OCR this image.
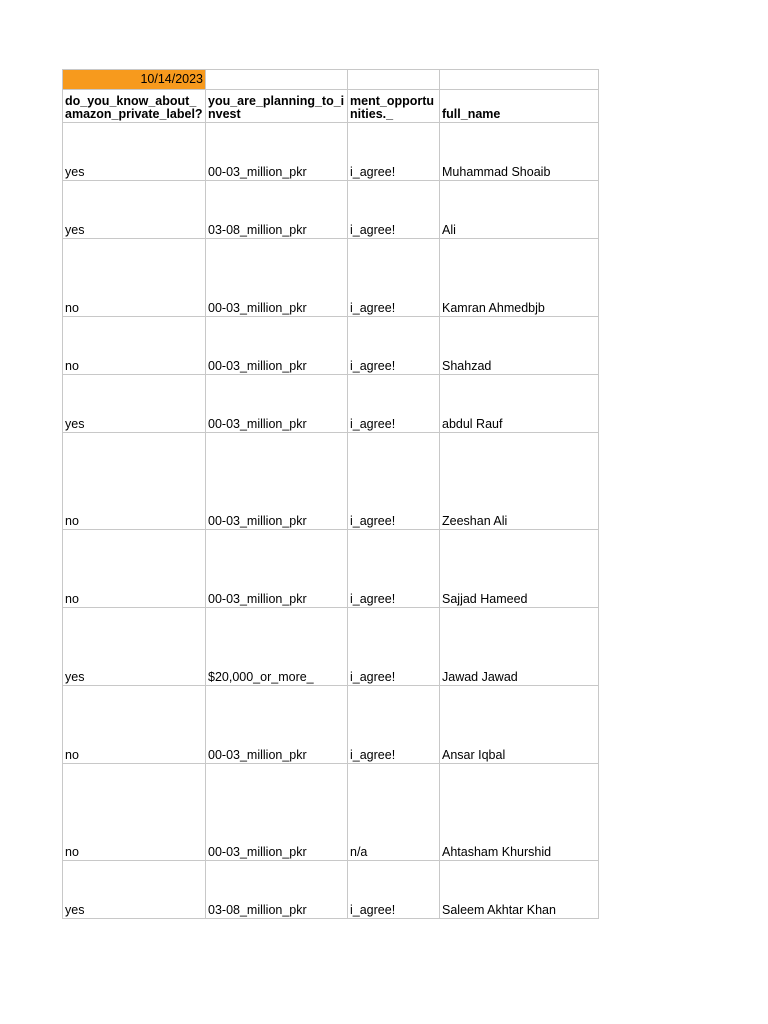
10/14/2023			
do_you_know_about_amazon_private_label?	you_are_planning_to_invest	ment_opportunities._	full_name
yes	00-03_million_pkr	i_agree!	Muhammad Shoaib
yes	03-08_million_pkr	i_agree!	Ali
no	00-03_million_pkr	i_agree!	Kamran Ahmedbjb
no	00-03_million_pkr	i_agree!	Shahzad
yes	00-03_million_pkr	i_agree!	abdul Rauf
no	00-03_million_pkr	i_agree!	Zeeshan Ali
no	00-03_million_pkr	i_agree!	Sajjad Hameed
yes	$20,000_or_more_	i_agree!	Jawad Jawad
no	00-03_million_pkr	i_agree!	Ansar Iqbal
no	00-03_million_pkr	n/a	Ahtasham Khurshid
yes	03-08_million_pkr	i_agree!	Saleem Akhtar Khan
